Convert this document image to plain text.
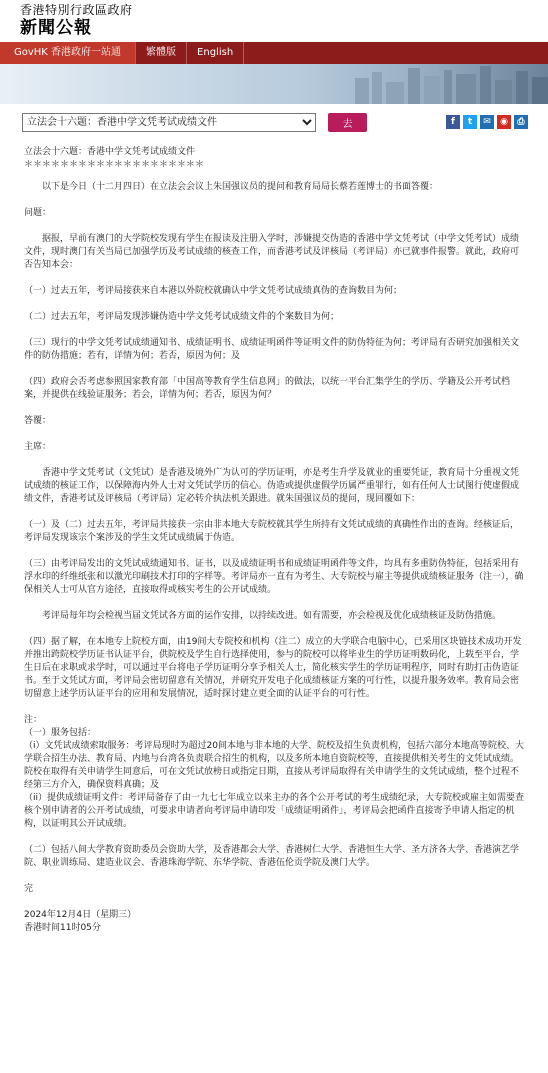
香港特別行政區政府
新聞公報
GovHK 香港政府一站通	繁體版	English
立法会十六题：香港中学文凭考试成绩文件
去	f	t	✉	◉	⎙

立法会十六题：香港中学文凭考试成绩文件

＊＊＊＊＊＊＊＊＊＊＊＊＊＊＊＊＊＊＊＊

　　以下是今日（十二月四日）在立法会会议上朱国强议员的提问和教育局局长蔡若莲博士的书面答覆：

问题：

　　据报，早前有澳门的大学院校发现有学生在报读及注册入学时，涉嫌提交伪造的香港中学文凭考试（中学文凭考试）成绩文件，现时澳门有关当局已加强学历及考试成绩的核查工作，而香港考试及评核局（考评局）亦已就事件报警。就此，政府可否告知本会：

（一）过去五年，考评局接获来自本港以外院校就确认中学文凭考试成绩真伪的查询数目为何；

（二）过去五年，考评局发现涉嫌伪造中学文凭考试成绩文件的个案数目为何；

（三）现行的中学文凭考试成绩通知书、成绩证明书、成绩证明函件等证明文件的防伪特征为何；考评局有否研究加强相关文件的防伪措施；若有，详情为何；若否，原因为何；及

（四）政府会否考虑参照国家教育部「中国高等教育学生信息网」的做法，以统一平台汇集学生的学历、学籍及公开考试档案，并提供在线验证服务；若会，详情为何；若否，原因为何？

答覆：

主席：

　　香港中学文凭考试（文凭试）是香港及境外广为认可的学历证明，亦是考生升学及就业的重要凭证，教育局十分重视文凭试成绩的核证工作，以保障海内外人士对文凭试学历的信心。伪造或提供虚假学历属严重罪行，如有任何人士试图行使虚假成绩文件，香港考试及评核局（考评局）定必转介执法机关跟进。就朱国强议员的提问，现回覆如下：

（一）及（二）过去五年，考评局共接获一宗由非本地大专院校就其学生所持有文凭试成绩的真确性作出的查询。经核证后，考评局发现该宗个案涉及的学生文凭试成绩属于伪造。

（三）由考评局发出的文凭试成绩通知书、证书，以及成绩证明书和成绩证明函件等文件，均具有多重防伪特征，包括采用有浮水印的纤维纸张和以激光印刷技术打印的字样等。考评局亦一直有为考生、大专院校与雇主等提供成绩核证服务（注一），确保相关人士可从官方途径，直接取得或核实考生的公开试成绩。

　　考评局每年均会检视当届文凭试各方面的运作安排，以持续改进。如有需要，亦会检视及优化成绩核证及防伪措施。

（四）据了解，在本地专上院校方面，由19间大专院校和机构（注二）成立的大学联合电脑中心，已采用区块链技术成功开发并推出跨院校学历证书认证平台，供院校及学生自行选择使用，参与的院校可以将毕业生的学历证明数码化，上载至平台，学生日后在求职或求学时，可以通过平台将电子学历证明分享予相关人士，简化核实学生的学历证明程序，同时有助打击伪造证书。至于文凭试方面，考评局会密切留意有关情况，并研究开发电子化成绩核证方案的可行性，以提升服务效率。教育局会密切留意上述学历认证平台的应用和发展情况，适时探讨建立更全面的认证平台的可行性。

注：

（一）服务包括：

（i）文凭试成绩索取服务：考评局现时为超过20间本地与非本地的大学、院校及招生负责机构，包括六部分本地高等院校、大学联合招生办法、教育局、内地与台湾各负责联合招生的机构，以及多所本地自资院校等，直接提供相关考生的文凭试成绩。院校在取得有关申请学生同意后，可在文凭试放榜日或指定日期，直接从考评局取得有关申请学生的文凭试成绩，整个过程不经第三方介入，确保资料真确；及

（ii）提供成绩证明文件：考评局备存了由一九七七年成立以来主办的各个公开考试的考生成绩纪录，大专院校或雇主如需要查核个别申请者的公开考试成绩，可要求申请者向考评局申请印发「成绩证明函件」，考评局会把函件直接寄予申请人指定的机构，以证明其公开试成绩。

（二）包括八间大学教育资助委员会资助大学，及香港都会大学、香港树仁大学、香港恒生大学、圣方济各大学、香港演艺学院、职业训练局、建造业议会、香港珠海学院、东华学院、香港伍伦贡学院及澳门大学。

完

2024年12月4日（星期三）

香港时间11时05分
